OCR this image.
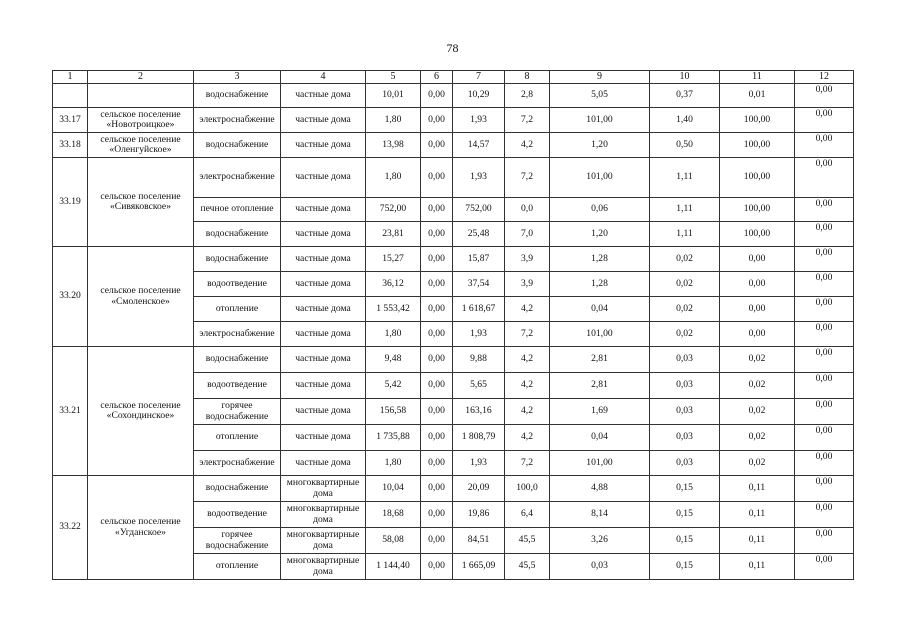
78
1	2	3	4	5	6	7	8	9	10	11	12
		водоснабжение	частные дома	10,01	0,00	10,29	2,8	5,05	0,37	0,01	0,00
33.17	сельское поселение «Новотроицкое»	электроснабжение	частные дома	1,80	0,00	1,93	7,2	101,00	1,40	100,00	0,00
33.18	сельское поселение «Оленгуйское»	водоснабжение	частные дома	13,98	0,00	14,57	4,2	1,20	0,50	100,00	0,00
33.19	сельское поселение «Сивяковское»	электроснабжение	частные дома	1,80	0,00	1,93	7,2	101,00	1,11	100,00	0,00
		печное отопление	частные дома	752,00	0,00	752,00	0,0	0,06	1,11	100,00	0,00
		водоснабжение	частные дома	23,81	0,00	25,48	7,0	1,20	1,11	100,00	0,00
33.20	сельское поселение «Смоленское»	водоснабжение	частные дома	15,27	0,00	15,87	3,9	1,28	0,02	0,00	0,00
		водоотведение	частные дома	36,12	0,00	37,54	3,9	1,28	0,02	0,00	0,00
		отопление	частные дома	1 553,42	0,00	1 618,67	4,2	0,04	0,02	0,00	0,00
		электроснабжение	частные дома	1,80	0,00	1,93	7,2	101,00	0,02	0,00	0,00
33.21	сельское поселение «Сохондинское»	водоснабжение	частные дома	9,48	0,00	9,88	4,2	2,81	0,03	0,02	0,00
		водоотведение	частные дома	5,42	0,00	5,65	4,2	2,81	0,03	0,02	0,00
		горячее водоснабжение	частные дома	156,58	0,00	163,16	4,2	1,69	0,03	0,02	0,00
		отопление	частные дома	1 735,88	0,00	1 808,79	4,2	0,04	0,03	0,02	0,00
		электроснабжение	частные дома	1,80	0,00	1,93	7,2	101,00	0,03	0,02	0,00
33.22	сельское поселение «Угданское»	водоснабжение	многоквартирные дома	10,04	0,00	20,09	100,0	4,88	0,15	0,11	0,00
		водоотведение	многоквартирные дома	18,68	0,00	19,86	6,4	8,14	0,15	0,11	0,00
		горячее водоснабжение	многоквартирные дома	58,08	0,00	84,51	45,5	3,26	0,15	0,11	0,00
		отопление	многоквартирные дома	1 144,40	0,00	1 665,09	45,5	0,03	0,15	0,11	0,00
